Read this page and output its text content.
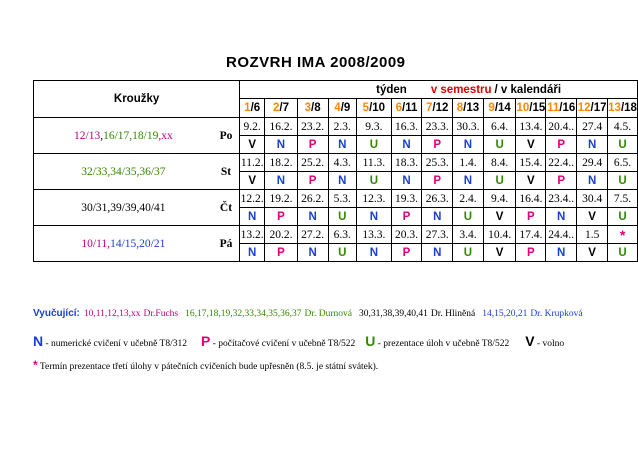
ROZVRH IMA 2008/2009
Kroužky		týden v semestru / v kalendáři												
		1/6	2/7	3/8	4/9	5/10	6/11	7/12	8/13	9/14	10/15	11/16	12/17	13/18
12/13,16/17,18/19,xx	Po	9.2.	16.2.	23.2.	2.3.	9.3.	16.3.	23.3.	30.3.	6.4.	13.4.	20.4..	27.4	4.5.
		V	N	P	N	U	N	P	N	U	V	P	N	U
32/33,34/35,36/37	St	11.2.	18.2.	25.2.	4.3.	11.3.	18.3.	25.3.	1.4.	8.4.	15.4.	22.4..	29.4	6.5.
		V	N	P	N	U	N	P	N	U	V	P	N	U
30/31,39/39,40/41	Čt	12.2.	19.2.	26.2.	5.3.	12.3.	19.3.	26.3.	2.4.	9.4.	16.4.	23.4..	30.4	7.5.
		N	P	N	U	N	P	N	U	V	P	N	V	U
10/11,14/15,20/21	Pá	13.2.	20.2.	27.2.	6.3.	13.3.	20.3.	27.3.	3.4.	10.4.	17.4.	24.4..	1.5	*
		N	P	N	U	N	P	N	U	V	P	N	V	U
Vyučující: 10,11,12,13,xx Dr.Fuchs 16,17,18,19,32,33,34,35,36,37 Dr. Durnová 30,31,38,39,40,41 Dr. Hliněná 14,15,20,21 Dr. Krupková
N - numerické cvičení v učebně T8/312 P - počítačové cvičení v učebně T8/522 U - prezentace úloh v učebně T8/522 V - volno
* Termín prezentace třetí úlohy v pátečních cvičeních bude upřesněn (8.5. je státní svátek).
